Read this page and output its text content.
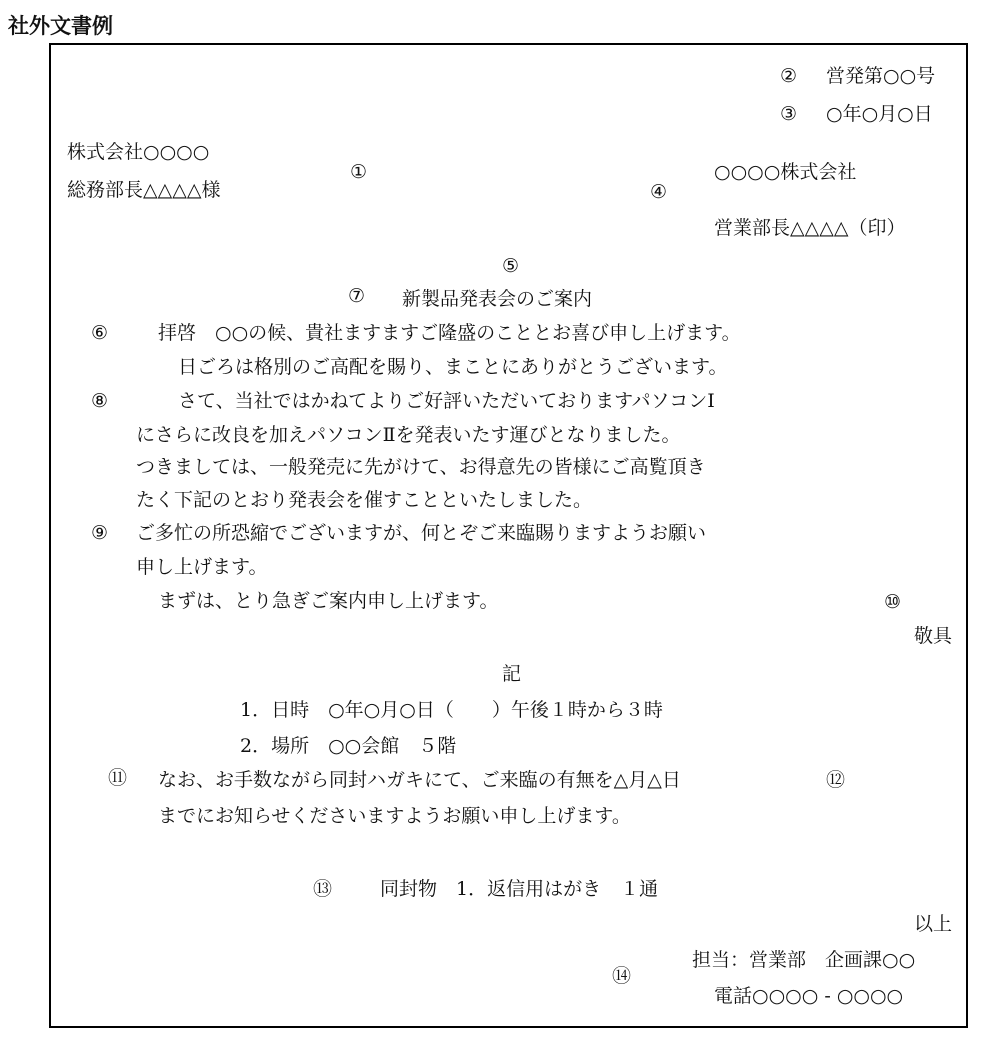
社外文書例
② 営発第○○号
③ ○年○月○日
株式会社○○○○
総務部長△△△△様
①	○○○○株式会社
④
営業部長△△△△（印）
⑤
⑦ 新製品発表会のご案内
⑥	拝啓　○○の候、貴社ますますご隆盛のこととお喜び申し上げます。
日ごろは格別のご高配を賜り、まことにありがとうございます。
⑧	さて、当社ではかねてよりご好評いただいておりますパソコンⅠ
にさらに改良を加えパソコンⅡを発表いたす運びとなりました。
つきましては、一般発売に先がけて、お得意先の皆様にご高覧頂き
たく下記のとおり発表会を催すことといたしました。
⑨ ご多忙の所恐縮でございますが、何とぞご来臨賜りますようお願い
申し上げます。
まずは、とり急ぎご案内申し上げます。	⑩
敬具
記
1．日時　○年○月○日（　　）午後１時から３時
2．場所　○○会館　５階
⑪ なお、お手数ながら同封ハガキにて、ご来臨の有無を△月△日	⑫
までにお知らせくださいますようお願い申し上げます。
⑬	同封物　1．返信用はがき　１通
以上
担当：営業部　企画課○○
⑭
電話○○○○ - ○○○○
